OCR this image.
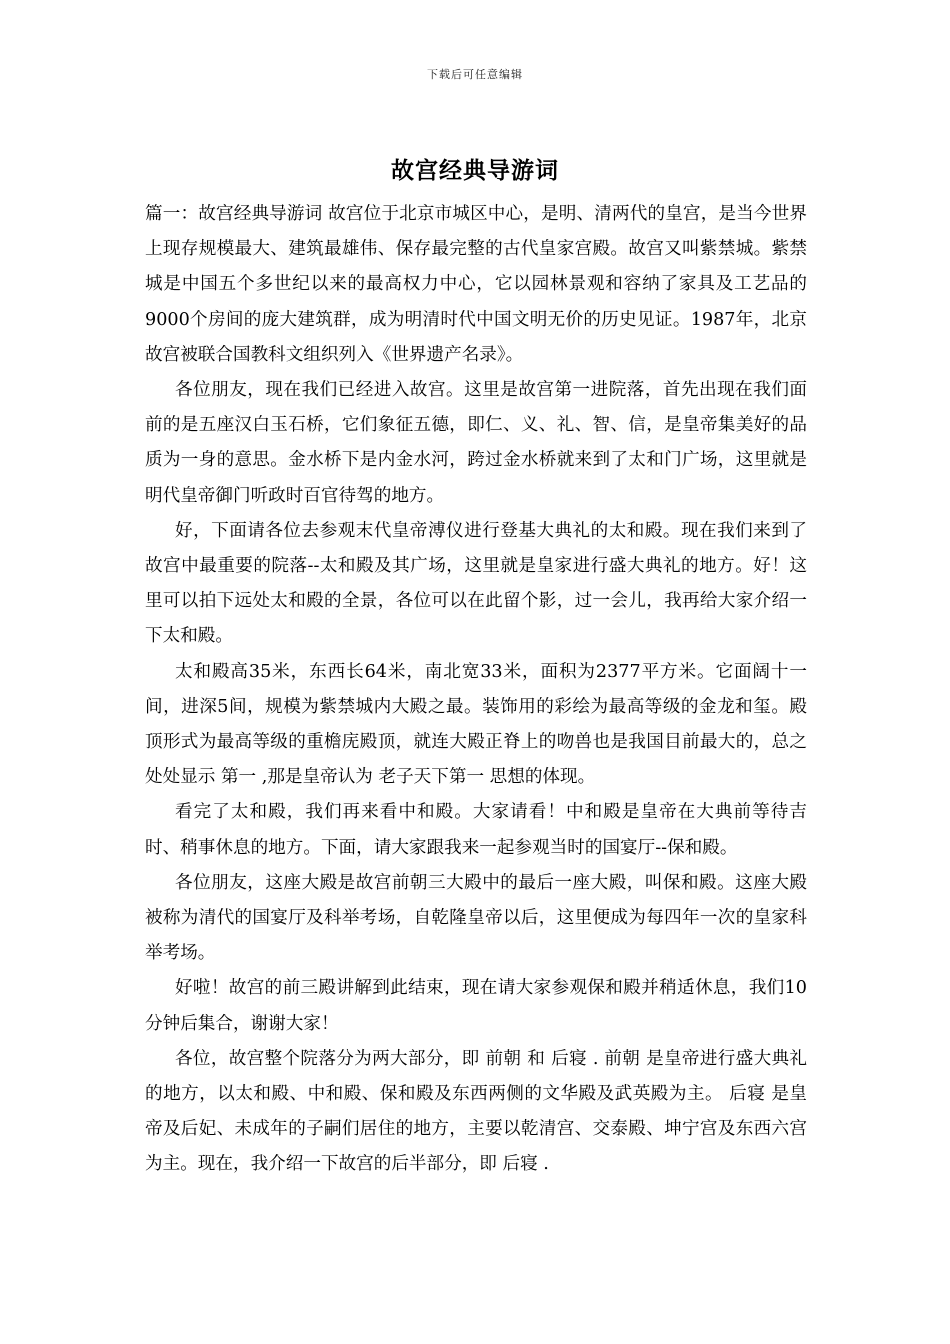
下载后可任意编辑
故宫经典导游词

篇一：故宫经典导游词 故宫位于北京市城区中心，是明、清两代的皇宫，是当今世界上现存规模最大、建筑最雄伟、保存最完整的古代皇家宫殿。故宫又叫紫禁城。紫禁城是中国五个多世纪以来的最高权力中心，它以园林景观和容纳了家具及工艺品的9000个房间的庞大建筑群，成为明清时代中国文明无价的历史见证。1987年，北京故宫被联合国教科文组织列入《世界遗产名录》。

各位朋友，现在我们已经进入故宫。这里是故宫第一进院落，首先出现在我们面前的是五座汉白玉石桥，它们象征五德，即仁、义、礼、智、信，是皇帝集美好的品质为一身的意思。金水桥下是内金水河，跨过金水桥就来到了太和门广场，这里就是明代皇帝御门听政时百官待驾的地方。

好，下面请各位去参观末代皇帝溥仪进行登基大典礼的太和殿。现在我们来到了故宫中最重要的院落--太和殿及其广场，这里就是皇家进行盛大典礼的地方。好！这里可以拍下远处太和殿的全景，各位可以在此留个影，过一会儿，我再给大家介绍一下太和殿。

太和殿高35米，东西长64米，南北宽33米，面积为2377平方米。它面阔十一间，进深5间，规模为紫禁城内大殿之最。装饰用的彩绘为最高等级的金龙和玺。殿顶形式为最高等级的重檐庑殿顶，就连大殿正脊上的吻兽也是我国目前最大的，总之处处显示 第一 ,那是皇帝认为 老子天下第一 思想的体现。

看完了太和殿，我们再来看中和殿。大家请看！中和殿是皇帝在大典前等待吉时、稍事休息的地方。下面，请大家跟我来一起参观当时的国宴厅--保和殿。

各位朋友，这座大殿是故宫前朝三大殿中的最后一座大殿，叫保和殿。这座大殿被称为清代的国宴厅及科举考场，自乾隆皇帝以后，这里便成为每四年一次的皇家科举考场。

好啦！故宫的前三殿讲解到此结束，现在请大家参观保和殿并稍适休息，我们10分钟后集合，谢谢大家！

各位，故宫整个院落分为两大部分，即 前朝 和 后寝 . 前朝 是皇帝进行盛大典礼的地方，以太和殿、中和殿、保和殿及东西两侧的文华殿及武英殿为主。 后寝 是皇帝及后妃、未成年的子嗣们居住的地方，主要以乾清宫、交泰殿、坤宁宫及东西六宫为主。现在，我介绍一下故宫的后半部分，即 后寝 .
